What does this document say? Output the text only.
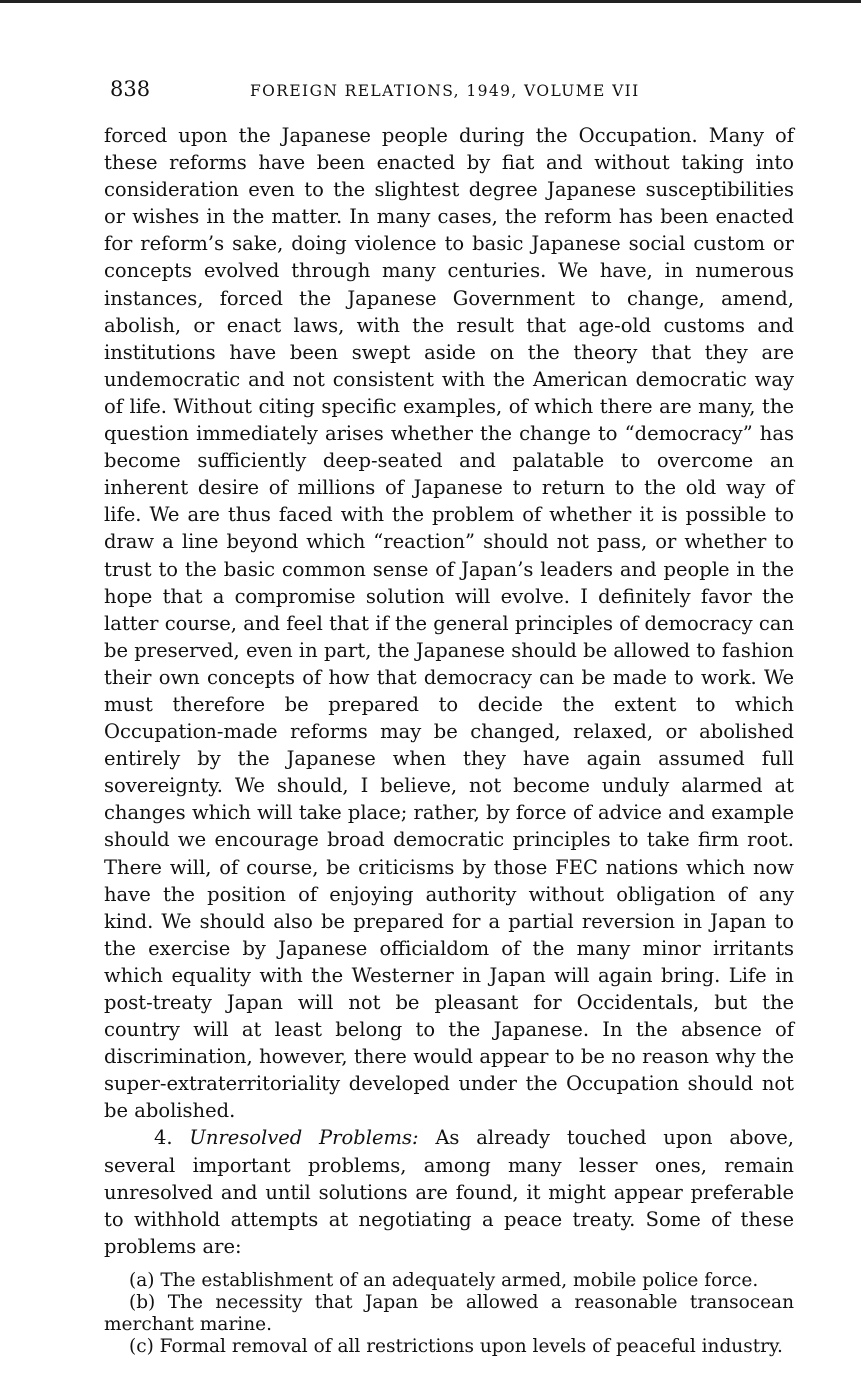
838	FOREIGN RELATIONS, 1949, VOLUME VII

forced upon the Japanese people during the Occupation. Many of these reforms have been enacted by fiat and without taking into consideration even to the slightest degree Japanese susceptibilities or wishes in the matter. In many cases, the reform has been enacted for reform’s sake, doing violence to basic Japanese social custom or concepts evolved through many centuries. We have, in numerous instances, forced the Japanese Government to change, amend, abolish, or enact laws, with the result that age-old customs and institutions have been swept aside on the theory that they are undemocratic and not consistent with the American democratic way of life. Without citing specific examples, of which there are many, the question immediately arises whether the change to “democracy” has become sufficiently deep-seated and palatable to overcome an inherent desire of millions of Japanese to return to the old way of life. We are thus faced with the problem of whether it is possible to draw a line beyond which “reaction” should not pass, or whether to trust to the basic common sense of Japan’s leaders and people in the hope that a compromise solution will evolve. I definitely favor the latter course, and feel that if the general principles of democracy can be preserved, even in part, the Japanese should be allowed to fashion their own concepts of how that democracy can be made to work. We must therefore be prepared to decide the extent to which Occupation-made reforms may be changed, relaxed, or abolished entirely by the Japanese when they have again assumed full sovereignty. We should, I believe, not become unduly alarmed at changes which will take place; rather, by force of advice and example should we encourage broad democratic principles to take firm root. There will, of course, be criticisms by those FEC nations which now have the position of enjoying authority without obligation of any kind. We should also be prepared for a partial reversion in Japan to the exercise by Japanese officialdom of the many minor irritants which equality with the Westerner in Japan will again bring. Life in post-treaty Japan will not be pleasant for Occidentals, but the country will at least belong to the Japanese. In the absence of discrimination, however, there would appear to be no reason why the super-extraterritoriality developed under the Occupation should not be abolished.

4. Unresolved Problems: As already touched upon above, several important problems, among many lesser ones, remain unresolved and until solutions are found, it might appear preferable to withhold attempts at negotiating a peace treaty. Some of these problems are:

(a) The establishment of an adequately armed, mobile police force.

(b) The necessity that Japan be allowed a reasonable transocean merchant marine.

(c) Formal removal of all restrictions upon levels of peaceful industry.
